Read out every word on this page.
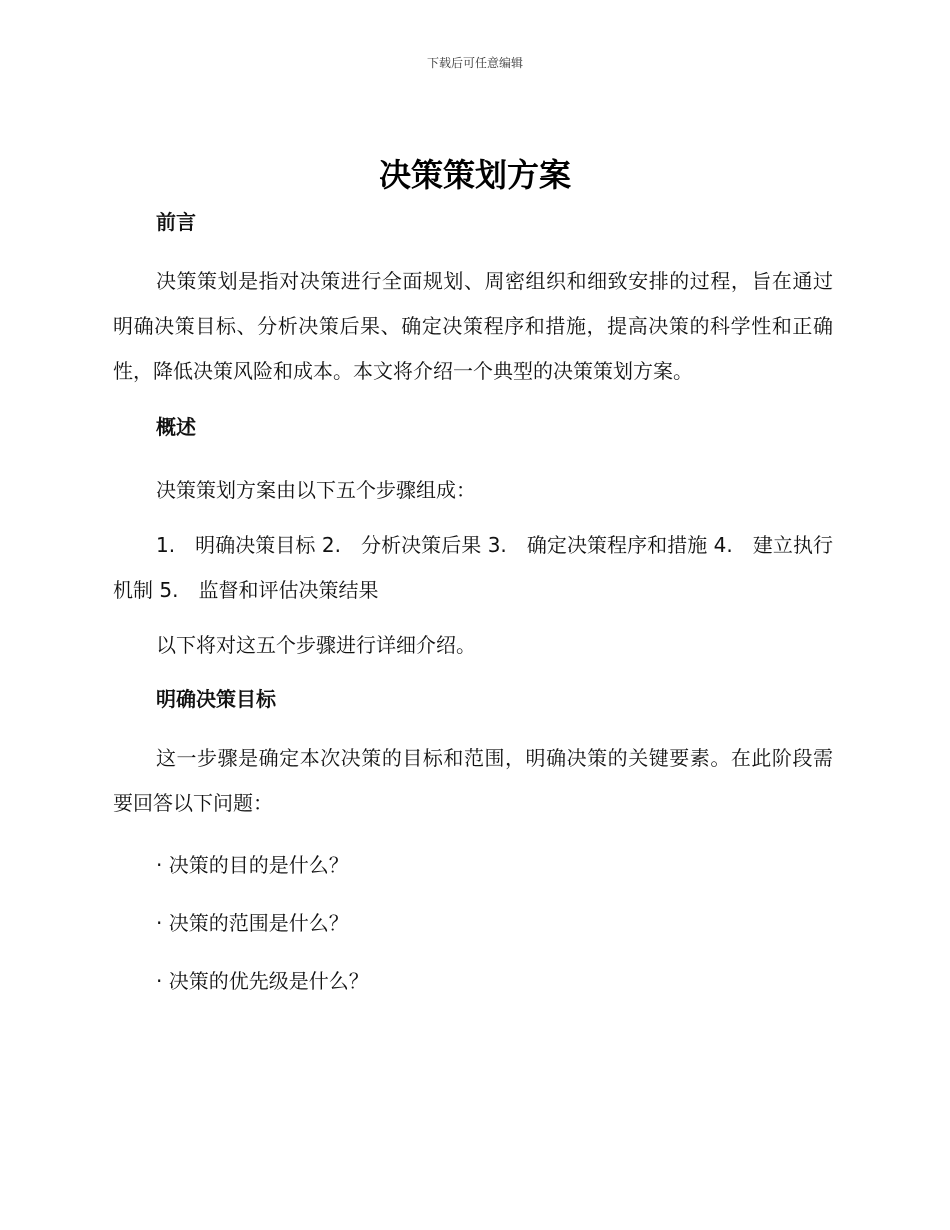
下载后可任意编辑
决策策划方案

前言

决策策划是指对决策进行全面规划、周密组织和细致安排的过程，旨在通过明确决策目标、分析决策后果、确定决策程序和措施，提高决策的科学性和正确性，降低决策风险和成本。本文将介绍一个典型的决策策划方案。

概述

决策策划方案由以下五个步骤组成：

1.　明确决策目标 2.　分析决策后果 3.　确定决策程序和措施 4.　建立执行机制 5.　监督和评估决策结果

以下将对这五个步骤进行详细介绍。

明确决策目标

这一步骤是确定本次决策的目标和范围，明确决策的关键要素。在此阶段需要回答以下问题：

· 决策的目的是什么？

· 决策的范围是什么？

· 决策的优先级是什么？
